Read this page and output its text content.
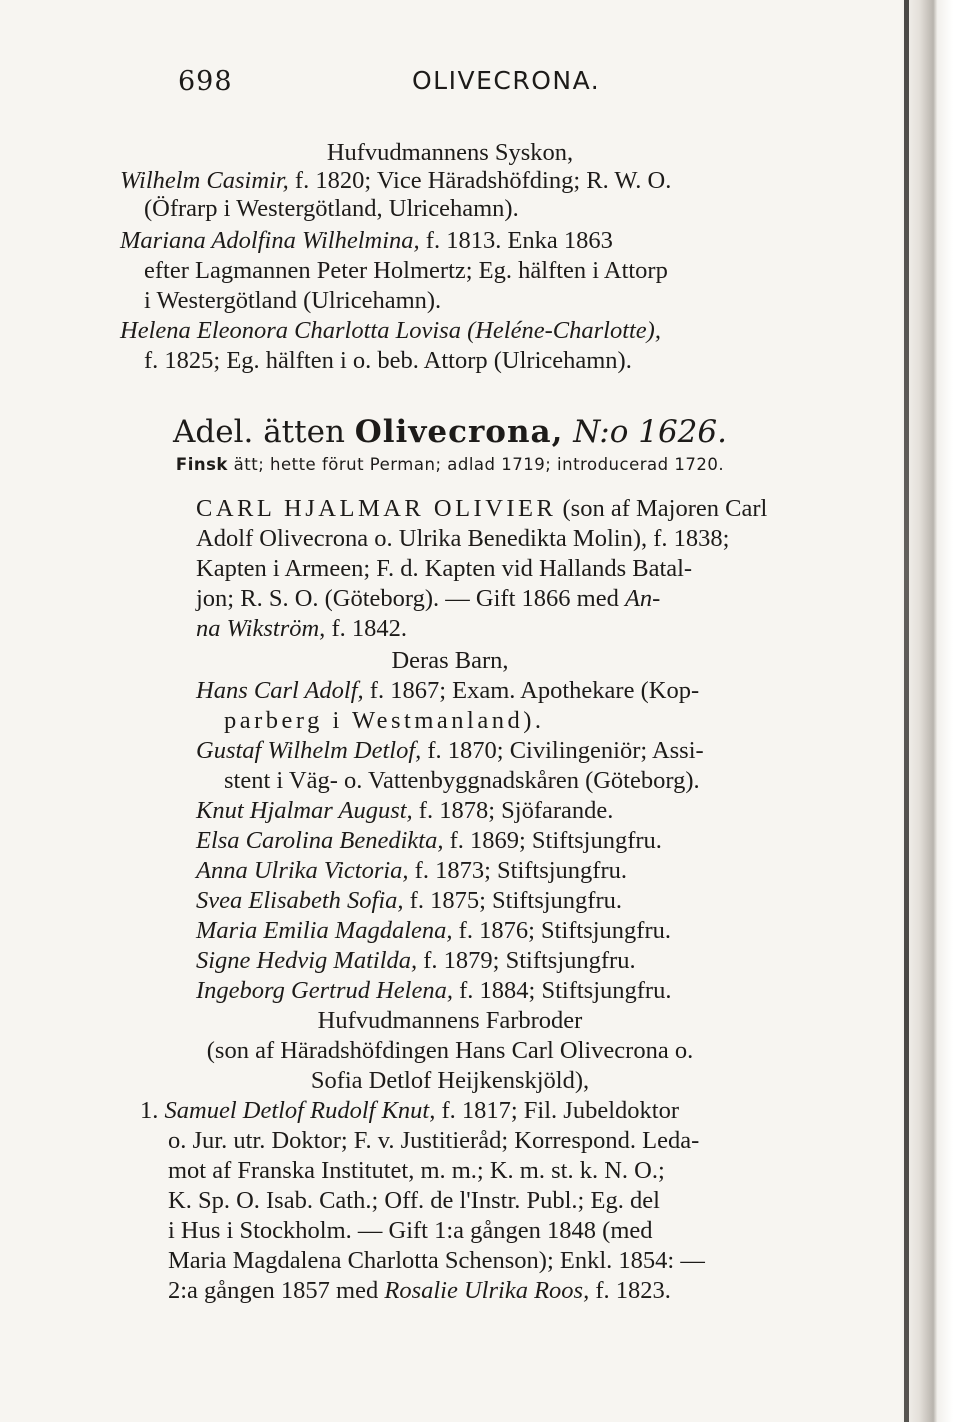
698	OLIVECRONA.
Hufvudmannens Syskon,
Wilhelm Casimir, f. 1820; Vice Häradshöfding; R. W. O.
(Öfrarp i Westergötland, Ulricehamn).
Mariana Adolfina Wilhelmina, f. 1813. Enka 1863
efter Lagmannen Peter Holmertz; Eg. hälften i Attorp
i Westergötland (Ulricehamn).
Helena Eleonora Charlotta Lovisa (Heléne-Charlotte),
f. 1825; Eg. hälften i o. beb. Attorp (Ulricehamn).
Adel. ätten Olivecrona, N:o 1626.
Finsk ätt; hette förut Perman; adlad 1719; introducerad 1720.
CARL HJALMAR OLIVIER (son af Majoren Carl
Adolf Olivecrona o. Ulrika Benedikta Molin), f. 1838;
Kapten i Armeen; F. d. Kapten vid Hallands Batal-
jon; R. S. O. (Göteborg). — Gift 1866 med An-
na Wikström, f. 1842.
Deras Barn,
Hans Carl Adolf, f. 1867; Exam. Apothekare (Kop-
parberg i Westmanland).
Gustaf Wilhelm Detlof, f. 1870; Civilingeniör; Assi-
stent i Väg- o. Vattenbyggnadskåren (Göteborg).
Knut Hjalmar August, f. 1878; Sjöfarande.
Elsa Carolina Benedikta, f. 1869; Stiftsjungfru.
Anna Ulrika Victoria, f. 1873; Stiftsjungfru.
Svea Elisabeth Sofia, f. 1875; Stiftsjungfru.
Maria Emilia Magdalena, f. 1876; Stiftsjungfru.
Signe Hedvig Matilda, f. 1879; Stiftsjungfru.
Ingeborg Gertrud Helena, f. 1884; Stiftsjungfru.
Hufvudmannens Farbroder
(son af Häradshöfdingen Hans Carl Olivecrona o.
Sofia Detlof Heijkenskjöld),
1. Samuel Detlof Rudolf Knut, f. 1817; Fil. Jubeldoktor
o. Jur. utr. Doktor; F. v. Justitieråd; Korrespond. Leda-
mot af Franska Institutet, m. m.; K. m. st. k. N. O.;
K. Sp. O. Isab. Cath.; Off. de l'Instr. Publ.; Eg. del
i Hus i Stockholm. — Gift 1:a gången 1848 (med
Maria Magdalena Charlotta Schenson); Enkl. 1854: —
2:a gången 1857 med Rosalie Ulrika Roos, f. 1823.
